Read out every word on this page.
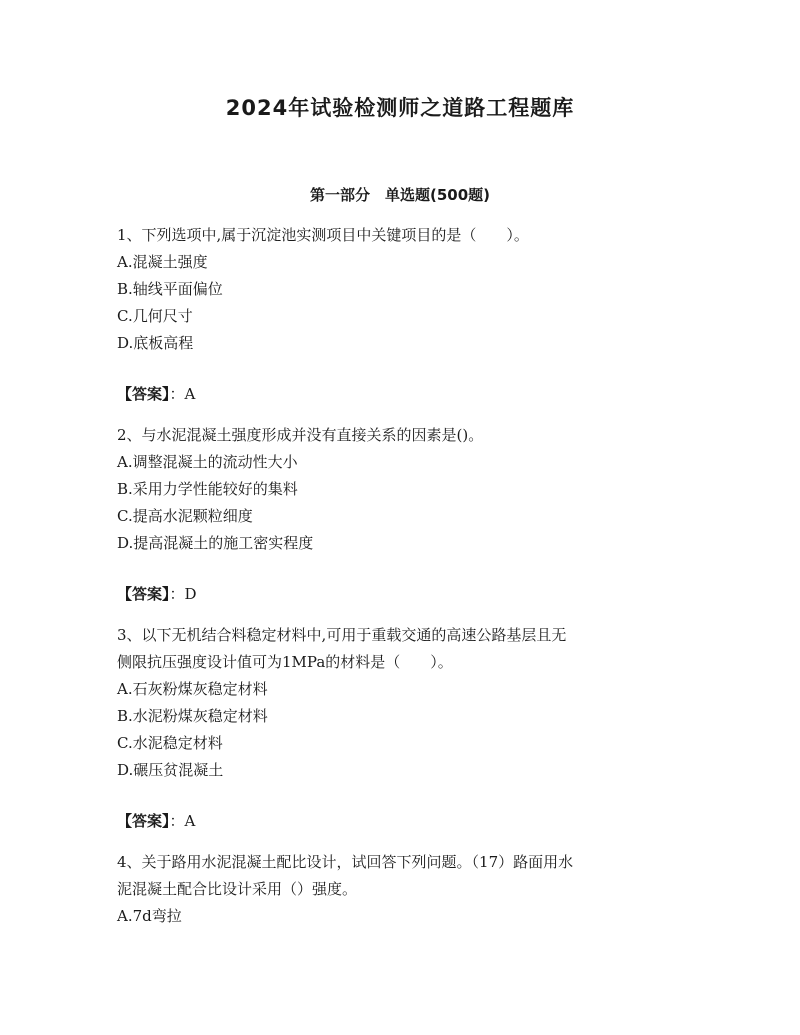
2024年试验检测师之道路工程题库
第一部分　单选题(500题)
1、下列选项中,属于沉淀池实测项目中关键项目的是（　　）。
A.混凝土强度
B.轴线平面偏位
C.几何尺寸
D.底板高程
【答案】：A
2、与水泥混凝土强度形成并没有直接关系的因素是()。
A.调整混凝土的流动性大小
B.采用力学性能较好的集料
C.提高水泥颗粒细度
D.提高混凝土的施工密实程度
【答案】：D
3、以下无机结合料稳定材料中,可用于重载交通的高速公路基层且无
侧限抗压强度设计值可为1MPa的材料是（　　）。
A.石灰粉煤灰稳定材料
B.水泥粉煤灰稳定材料
C.水泥稳定材料
D.碾压贫混凝土
【答案】：A
4、关于路用水泥混凝土配比设计，试回答下列问题。（17）路面用水
泥混凝土配合比设计采用（）强度。
A.7d弯拉
